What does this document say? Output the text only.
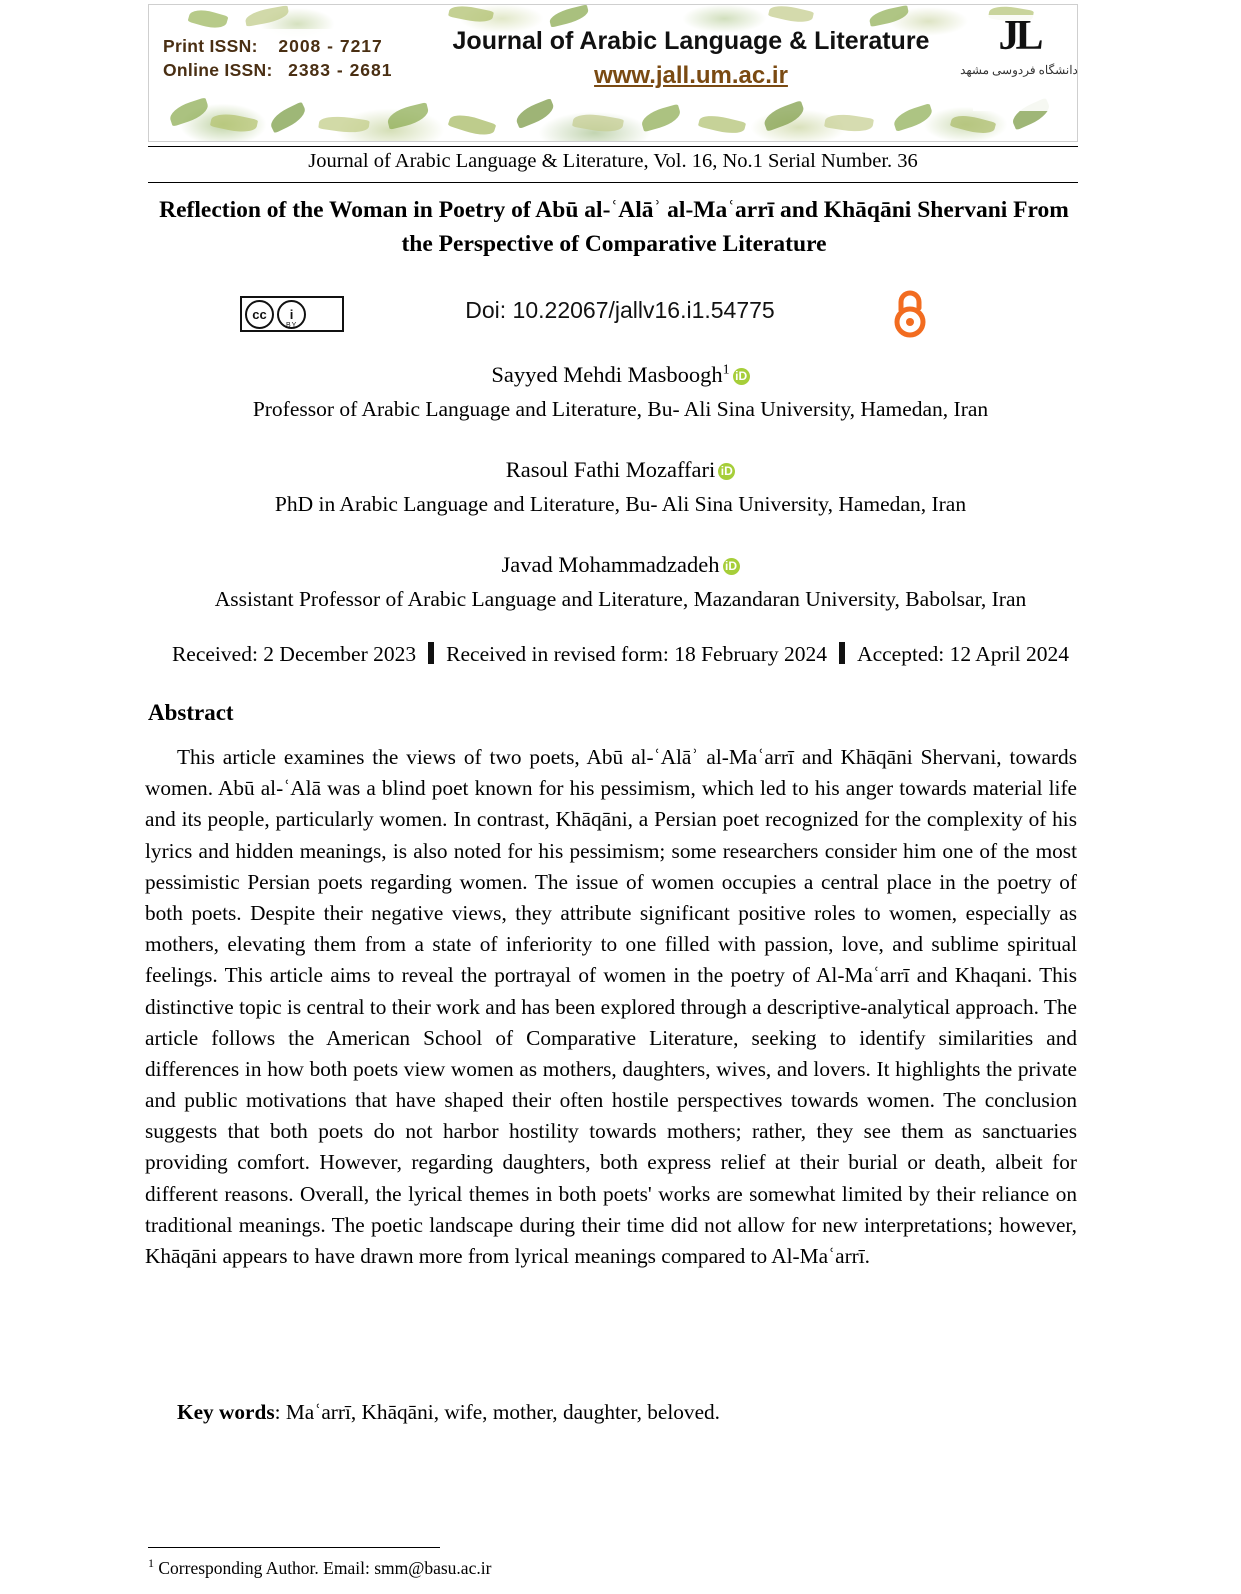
Print ISSN: 2008 - 7217
Online ISSN: 2383 - 2681
Journal of Arabic Language & Literature
www.jall.um.ac.ir
JL
دانشگاه فردوسی مشهد
Journal of Arabic Language & Literature, Vol. 16, No.1 Serial Number. 36
Reflection of the Woman in Poetry of Abū al-ʿAlāʾ al-Maʿarrī and Khāqāni Shervani From the Perspective of Comparative Literature
cc	i
BY
Doi: 10.22067/jallv16.i1.54775
Sayyed Mehdi Masboogh$^1$ iD
Professor of Arabic Language and Literature, Bu- Ali Sina University, Hamedan, Iran
Rasoul Fathi Mozaffari iD
PhD in Arabic Language and Literature, Bu- Ali Sina University, Hamedan, Iran
Javad Mohammadzadeh iD
Assistant Professor of Arabic Language and Literature, Mazandaran University, Babolsar, Iran
Received: 2 December 2023 Received in revised form: 18 February 2024 Accepted: 12 April 2024
Abstract
This article examines the views of two poets, Abū al-ʿAlāʾ al-Maʿarrī and Khāqāni Shervani, towards women. Abū al-ʿAlā was a blind poet known for his pessimism, which led to his anger towards material life and its people, particularly women. In contrast, Khāqāni, a Persian poet recognized for the complexity of his lyrics and hidden meanings, is also noted for his pessimism; some researchers consider him one of the most pessimistic Persian poets regarding women. The issue of women occupies a central place in the poetry of both poets. Despite their negative views, they attribute significant positive roles to women, especially as mothers, elevating them from a state of inferiority to one filled with passion, love, and sublime spiritual feelings. This article aims to reveal the portrayal of women in the poetry of Al-Maʿarrī and Khaqani. This distinctive topic is central to their work and has been explored through a descriptive-analytical approach. The article follows the American School of Comparative Literature, seeking to identify similarities and differences in how both poets view women as mothers, daughters, wives, and lovers. It highlights the private and public motivations that have shaped their often hostile perspectives towards women. The conclusion suggests that both poets do not harbor hostility towards mothers; rather, they see them as sanctuaries providing comfort. However, regarding daughters, both express relief at their burial or death, albeit for different reasons. Overall, the lyrical themes in both poets' works are somewhat limited by their reliance on traditional meanings. The poetic landscape during their time did not allow for new interpretations; however, Khāqāni appears to have drawn more from lyrical meanings compared to Al-Maʿarrī.
Key words: Maʿarrī, Khāqāni, wife, mother, daughter, beloved.
$^1$ Corresponding Author. Email: smm@basu.ac.ir
